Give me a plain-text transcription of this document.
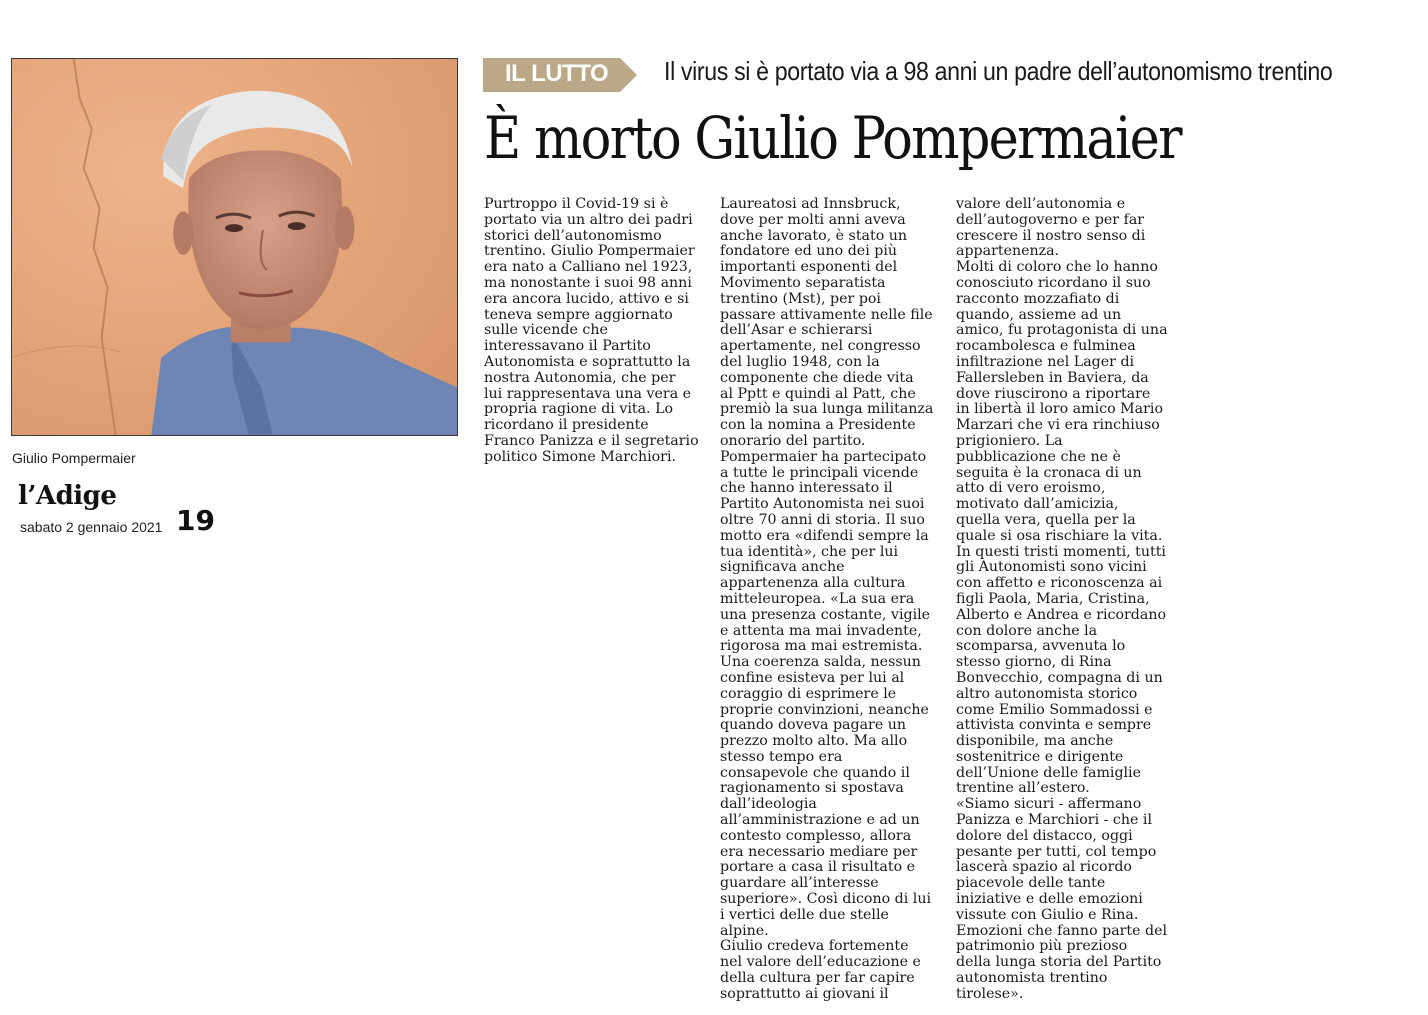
Giulio Pompermaier
l’Adige
sabato 2 gennaio 2021 19
IL LUTTO Il virus si è portato via a 98 anni un padre dell’autonomismo trentino
È morto Giulio Pompermaier
Purtroppo il Covid-19 si è
portato via un altro dei padri
storici dell’autonomismo
trentino. Giulio Pompermaier
era nato a Calliano nel 1923,
ma nonostante i suoi 98 anni
era ancora lucido, attivo e si
teneva sempre aggiornato
sulle vicende che
interessavano il Partito
Autonomista e soprattutto la
nostra Autonomia, che per
lui rappresentava una vera e
propria ragione di vita. Lo
ricordano il presidente
Franco Panizza e il segretario
politico Simone Marchiori.
Laureatosi ad Innsbruck,
dove per molti anni aveva
anche lavorato, è stato un
fondatore ed uno dei più
importanti esponenti del
Movimento separatista
trentino (Mst), per poi
passare attivamente nelle file
dell’Asar e schierarsi
apertamente, nel congresso
del luglio 1948, con la
componente che diede vita
al Pptt e quindi al Patt, che
premiò la sua lunga militanza
con la nomina a Presidente
onorario del partito.
Pompermaier ha partecipato
a tutte le principali vicende
che hanno interessato il
Partito Autonomista nei suoi
oltre 70 anni di storia. Il suo
motto era «difendi sempre la
tua identità», che per lui
significava anche
appartenenza alla cultura
mitteleuropea. «La sua era
una presenza costante, vigile
e attenta ma mai invadente,
rigorosa ma mai estremista.
Una coerenza salda, nessun
confine esisteva per lui al
coraggio di esprimere le
proprie convinzioni, neanche
quando doveva pagare un
prezzo molto alto. Ma allo
stesso tempo era
consapevole che quando il
ragionamento si spostava
dall’ideologia
all’amministrazione e ad un
contesto complesso, allora
era necessario mediare per
portare a casa il risultato e
guardare all’interesse
superiore». Così dicono di lui
i vertici delle due stelle
alpine.
Giulio credeva fortemente
nel valore dell’educazione e
della cultura per far capire
soprattutto ai giovani il
valore dell’autonomia e
dell’autogoverno e per far
crescere il nostro senso di
appartenenza.
Molti di coloro che lo hanno
conosciuto ricordano il suo
racconto mozzafiato di
quando, assieme ad un
amico, fu protagonista di una
rocambolesca e fulminea
infiltrazione nel Lager di
Fallersleben in Baviera, da
dove riuscirono a riportare
in libertà il loro amico Mario
Marzari che vi era rinchiuso
prigioniero. La
pubblicazione che ne è
seguita è la cronaca di un
atto di vero eroismo,
motivato dall’amicizia,
quella vera, quella per la
quale si osa rischiare la vita.
In questi tristi momenti, tutti
gli Autonomisti sono vicini
con affetto e riconoscenza ai
figli Paola, Maria, Cristina,
Alberto e Andrea e ricordano
con dolore anche la
scomparsa, avvenuta lo
stesso giorno, di Rina
Bonvecchio, compagna di un
altro autonomista storico
come Emilio Sommadossi e
attivista convinta e sempre
disponibile, ma anche
sostenitrice e dirigente
dell’Unione delle famiglie
trentine all’estero.
«Siamo sicuri - affermano
Panizza e Marchiori - che il
dolore del distacco, oggi
pesante per tutti, col tempo
lascerà spazio al ricordo
piacevole delle tante
iniziative e delle emozioni
vissute con Giulio e Rina.
Emozioni che fanno parte del
patrimonio più prezioso
della lunga storia del Partito
autonomista trentino
tirolese».
